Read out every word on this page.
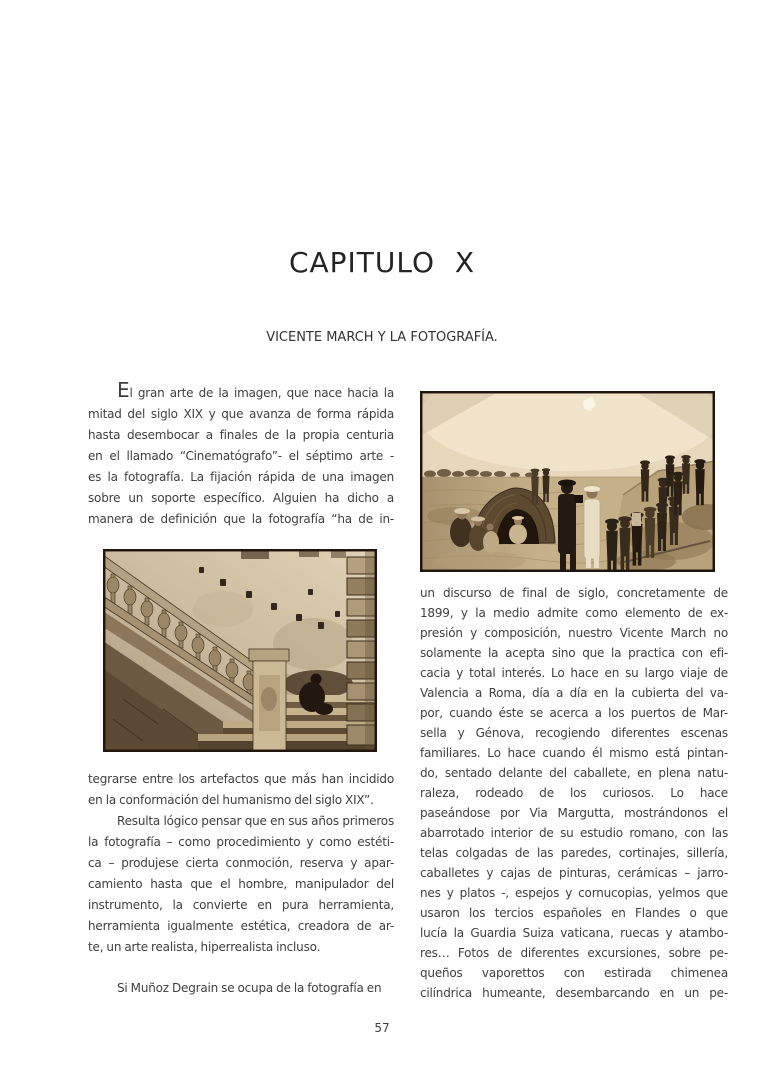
CAPITULO  X
VICENTE MARCH Y LA FOTOGRAFÍA.
El gran arte de la imagen, que nace hacia la
mitad del siglo XIX y que avanza de forma rápida
hasta desembocar a finales de la propia centuria
en el llamado “Cinematógrafo”- el séptimo arte -
es la fotografía. La fijación rápida de una imagen
sobre un soporte específico. Alguien ha dicho a
manera de definición que la fotografía “ha de in-
tegrarse entre los artefactos que más han incidido
en la conformación del humanismo del siglo XIX”.
Resulta lógico pensar que en sus años primeros
la fotografía – como procedimiento y como estéti-
ca – produjese cierta conmoción, reserva y apar-
camiento hasta que el hombre, manipulador del
instrumento, la convierte en pura herramienta,
herramienta igualmente estética, creadora de ar-
te, un arte realista, hiperrealista incluso.
Si Muñoz Degrain se ocupa de la fotografía en
un discurso de final de siglo, concretamente de
1899, y la medio admite como elemento de ex-
presión y composición, nuestro Vicente March no
solamente la acepta sino que la practica con efi-
cacia y total interés. Lo hace en su largo viaje de
Valencia a Roma, día a día en la cubierta del va-
por, cuando éste se acerca a los puertos de Mar-
sella y Génova, recogiendo diferentes escenas
familiares. Lo hace cuando él mismo está pintan-
do, sentado delante del caballete, en plena natu-
raleza, rodeado de los curiosos. Lo hace
paseándose por Via Margutta, mostrándonos el
abarrotado interior de su estudio romano, con las
telas colgadas de las paredes, cortinajes, sillería,
caballetes y cajas de pinturas, cerámicas – jarro-
nes y platos -, espejos y cornucopias, yelmos que
usaron los tercios españoles en Flandes o que
lucía la Guardia Suiza vaticana, ruecas y atambo-
res… Fotos de diferentes excursiones, sobre pe-
queños vaporettos con estirada chimenea
cilíndrica humeante, desembarcando en un pe-
57
